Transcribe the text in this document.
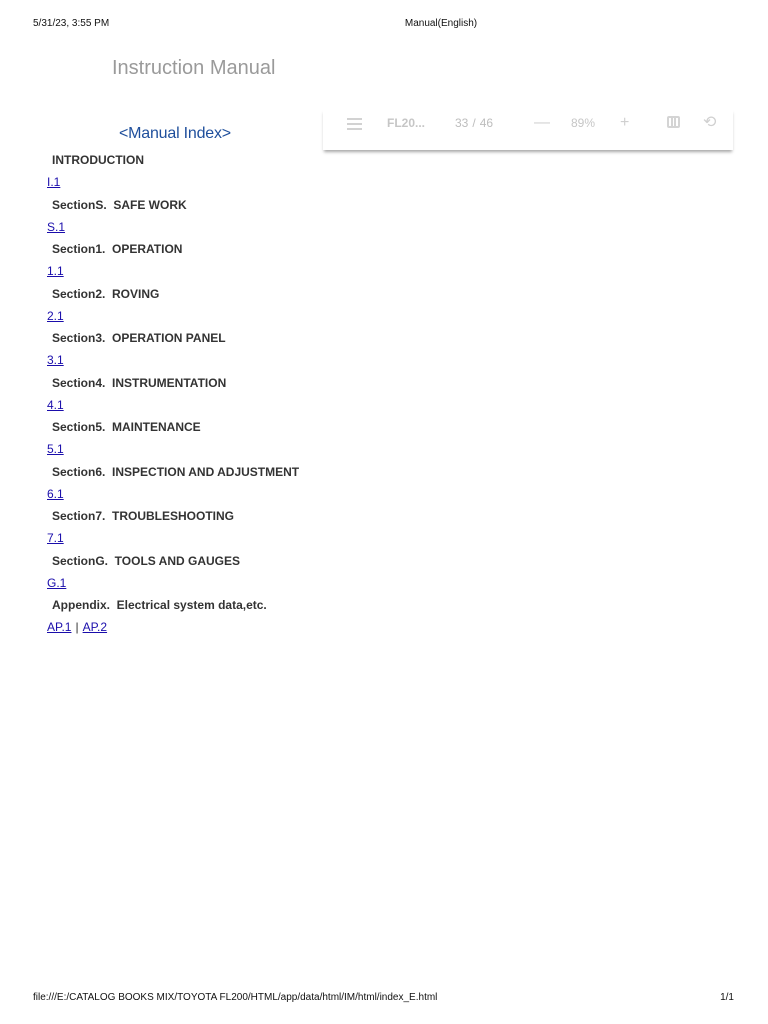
5/31/23, 3:55 PM	Manual(English)
Instruction Manual
<Manual Index>
INTRODUCTION
I.1
SectionS.  SAFE WORK
S.1
Section1.  OPERATION
1.1
Section2.  ROVING
2.1
Section3.  OPERATION PANEL
3.1
Section4.  INSTRUMENTATION
4.1
Section5.  MAINTENANCE
5.1
Section6.  INSPECTION AND ADJUSTMENT
6.1
Section7.  TROUBLESHOOTING
7.1
SectionG.  TOOLS AND GAUGES
G.1
Appendix.  Electrical system data,etc.
AP.1 | AP.2
FL20... 33 / 46	— 89% +	⟲
file:///E:/CATALOG BOOKS MIX/TOYOTA FL200/HTML/app/data/html/IM/html/index_E.html	1/1
